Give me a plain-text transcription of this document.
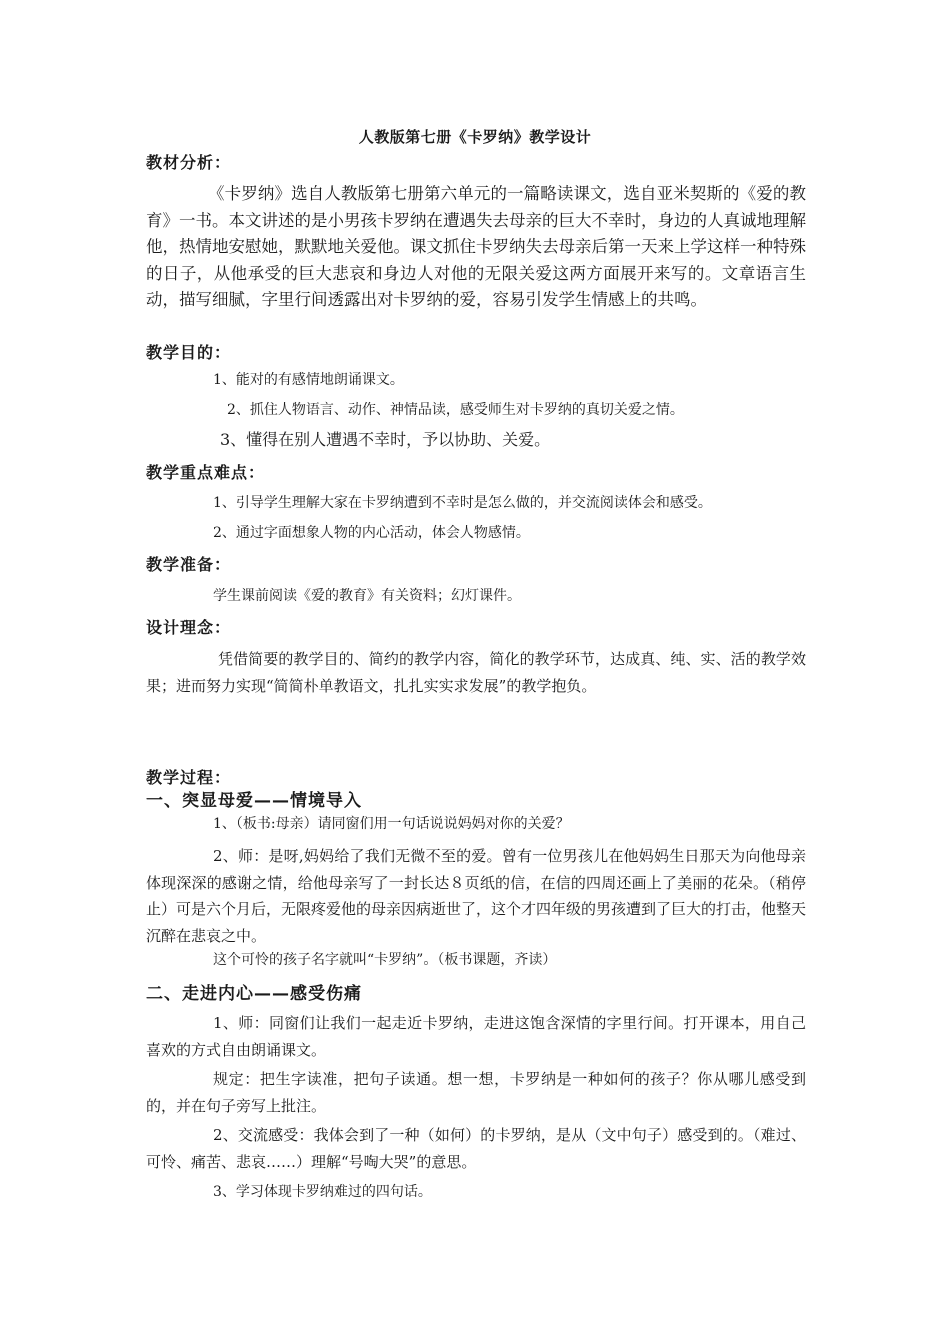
人教版第七册《卡罗纳》教学设计
教材分析：

《卡罗纳》选自人教版第七册第六单元的一篇略读课文，选自亚米契斯的《爱的教育》一书。本文讲述的是小男孩卡罗纳在遭遇失去母亲的巨大不幸时，身边的人真诚地理解他，热情地安慰她，默默地关爱他。课文抓住卡罗纳失去母亲后第一天来上学这样一种特殊的日子，从他承受的巨大悲哀和身边人对他的无限关爱这两方面展开来写的。文章语言生动，描写细腻，字里行间透露出对卡罗纳的爱，容易引发学生情感上的共鸣。

教学目的：

1、能对的有感情地朗诵课文。

2、抓住人物语言、动作、神情品读，感受师生对卡罗纳的真切关爱之情。

3、懂得在别人遭遇不幸时，予以协助、关爱。

教学重点难点：

1、引导学生理解大家在卡罗纳遭到不幸时是怎么做的，并交流阅读体会和感受。

2、通过字面想象人物的内心活动，体会人物感情。

教学准备：

学生课前阅读《爱的教育》有关资料；幻灯课件。

设计理念：

凭借简要的教学目的、简约的教学内容，简化的教学环节，达成真、纯、实、活的教学效果；进而努力实现“简简朴单教语文，扎扎实实求发展”的教学抱负。

教学过程：
一、突显母爱——情境导入

1、（板书:母亲）请同窗们用一句话说说妈妈对你的关爱？

2、师：是呀,妈妈给了我们无微不至的爱。曾有一位男孩儿在他妈妈生日那天为向他母亲体现深深的感谢之情，给他母亲写了一封长达８页纸的信，在信的四周还画上了美丽的花朵。（稍停止）可是六个月后，无限疼爱他的母亲因病逝世了，这个才四年级的男孩遭到了巨大的打击，他整天沉醉在悲哀之中。

这个可怜的孩子名字就叫“卡罗纳”。（板书课题，齐读）

二、走进内心——感受伤痛

1、师：同窗们让我们一起走近卡罗纳，走进这饱含深情的字里行间。打开课本，用自己喜欢的方式自由朗诵课文。

规定：把生字读准，把句子读通。想一想，卡罗纳是一种如何的孩子？你从哪儿感受到的，并在句子旁写上批注。

2、交流感受：我体会到了一种（如何）的卡罗纳，是从（文中句子）感受到的。（难过、可怜、痛苦、悲哀……）理解“号啕大哭”的意思。

3、学习体现卡罗纳难过的四句话。
